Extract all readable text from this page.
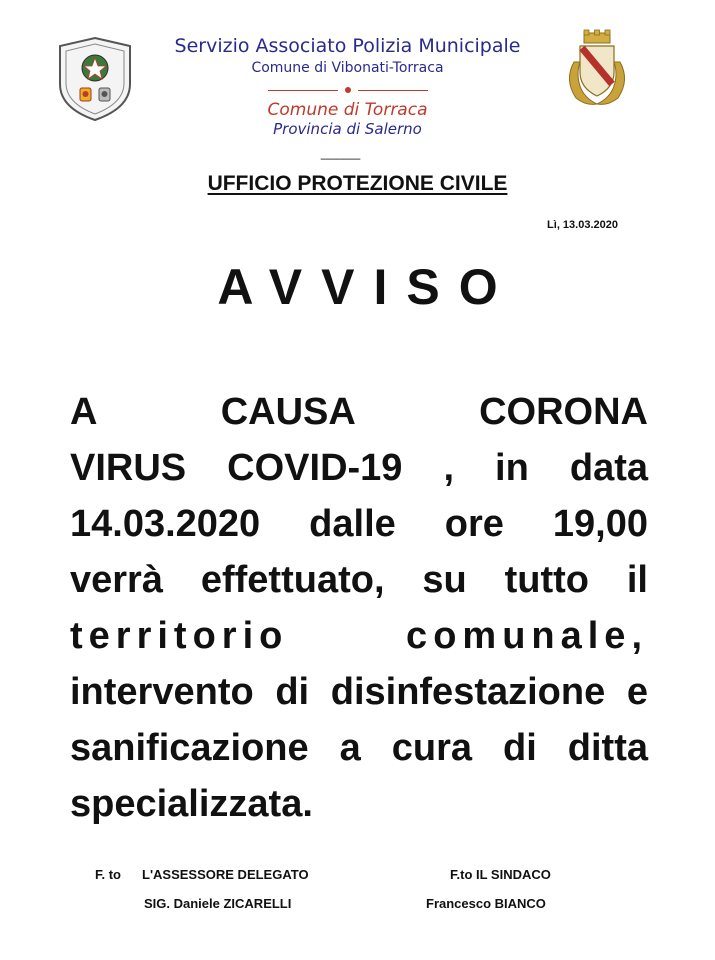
Servizio Associato Polizia Municipale
Comune di Vibonati-Torraca
Comune di Torraca
Provincia di Salerno
-----------------
UFFICIO PROTEZIONE CIVILE
Lì, 13.03.2020
AVVISO
A CAUSA CORONA
VIRUS COVID-19 , in data
14.03.2020 dalle ore 19,00
verrà effettuato, su tutto il
territorio comunale,
intervento di disinfestazione e
sanificazione a cura di ditta
specializzata.
F. to L'ASSESSORE DELEGATO
SIG. Daniele ZICARELLI
F.to IL SINDACO
Francesco BIANCO
